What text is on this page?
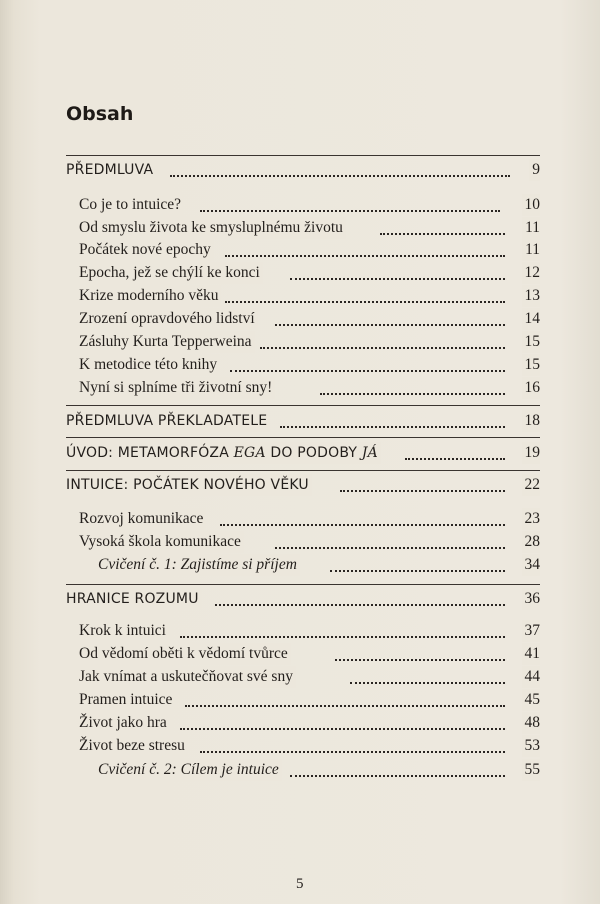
Obsah
PŘEDMLUVA	9
Co je to intuice?	10
Od smyslu života ke smysluplnému životu	11
Počátek nové epochy	11
Epocha, jež se chýlí ke konci	12
Krize moderního věku	13
Zrození opravdového lidství	14
Zásluhy Kurta Tepperweina	15
K metodice této knihy	15
Nyní si splníme tři životní sny!	16
PŘEDMLUVA PŘEKLADATELE	18
ÚVOD: METAMORFÓZA EGA DO PODOBY JÁ	19
INTUICE: POČÁTEK NOVÉHO VĚKU	22
Rozvoj komunikace	23
Vysoká škola komunikace	28
Cvičení č. 1: Zajistíme si příjem	34
HRANICE ROZUMU	36
Krok k intuici	37
Od vědomí oběti k vědomí tvůrce	41
Jak vnímat a uskutečňovat své sny	44
Pramen intuice	45
Život jako hra	48
Život beze stresu	53
Cvičení č. 2: Cílem je intuice	55
5
